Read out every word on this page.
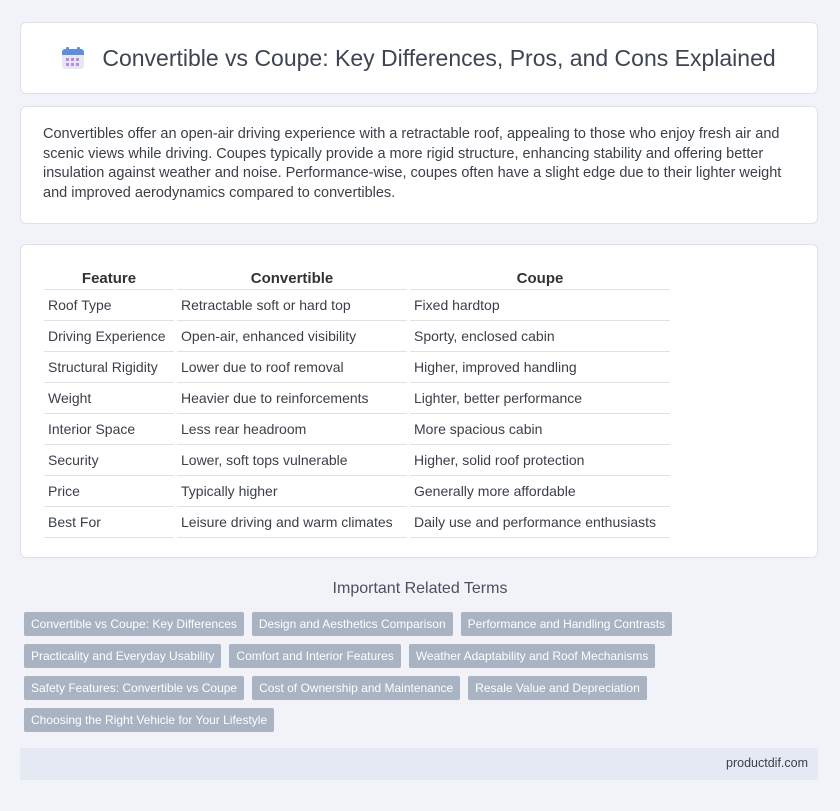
Convertible vs Coupe: Key Differences, Pros, and Cons Explained

Convertibles offer an open-air driving experience with a retractable roof, appealing to those who enjoy fresh air and scenic views while driving. Coupes typically provide a more rigid structure, enhancing stability and offering better insulation against weather and noise. Performance-wise, coupes often have a slight edge due to their lighter weight and improved aerodynamics compared to convertibles.

Feature	Convertible	Coupe
Roof Type	Retractable soft or hard top	Fixed hardtop
Driving Experience	Open-air, enhanced visibility	Sporty, enclosed cabin
Structural Rigidity	Lower due to roof removal	Higher, improved handling
Weight	Heavier due to reinforcements	Lighter, better performance
Interior Space	Less rear headroom	More spacious cabin
Security	Lower, soft tops vulnerable	Higher, solid roof protection
Price	Typically higher	Generally more affordable
Best For	Leisure driving and warm climates	Daily use and performance enthusiasts
Important Related Terms
Convertible vs Coupe: Key Differences	Design and Aesthetics Comparison	Performance and Handling Contrasts
Practicality and Everyday Usability	Comfort and Interior Features	Weather Adaptability and Roof Mechanisms
Safety Features: Convertible vs Coupe	Cost of Ownership and Maintenance	Resale Value and Depreciation
Choosing the Right Vehicle for Your Lifestyle
productdif.com
